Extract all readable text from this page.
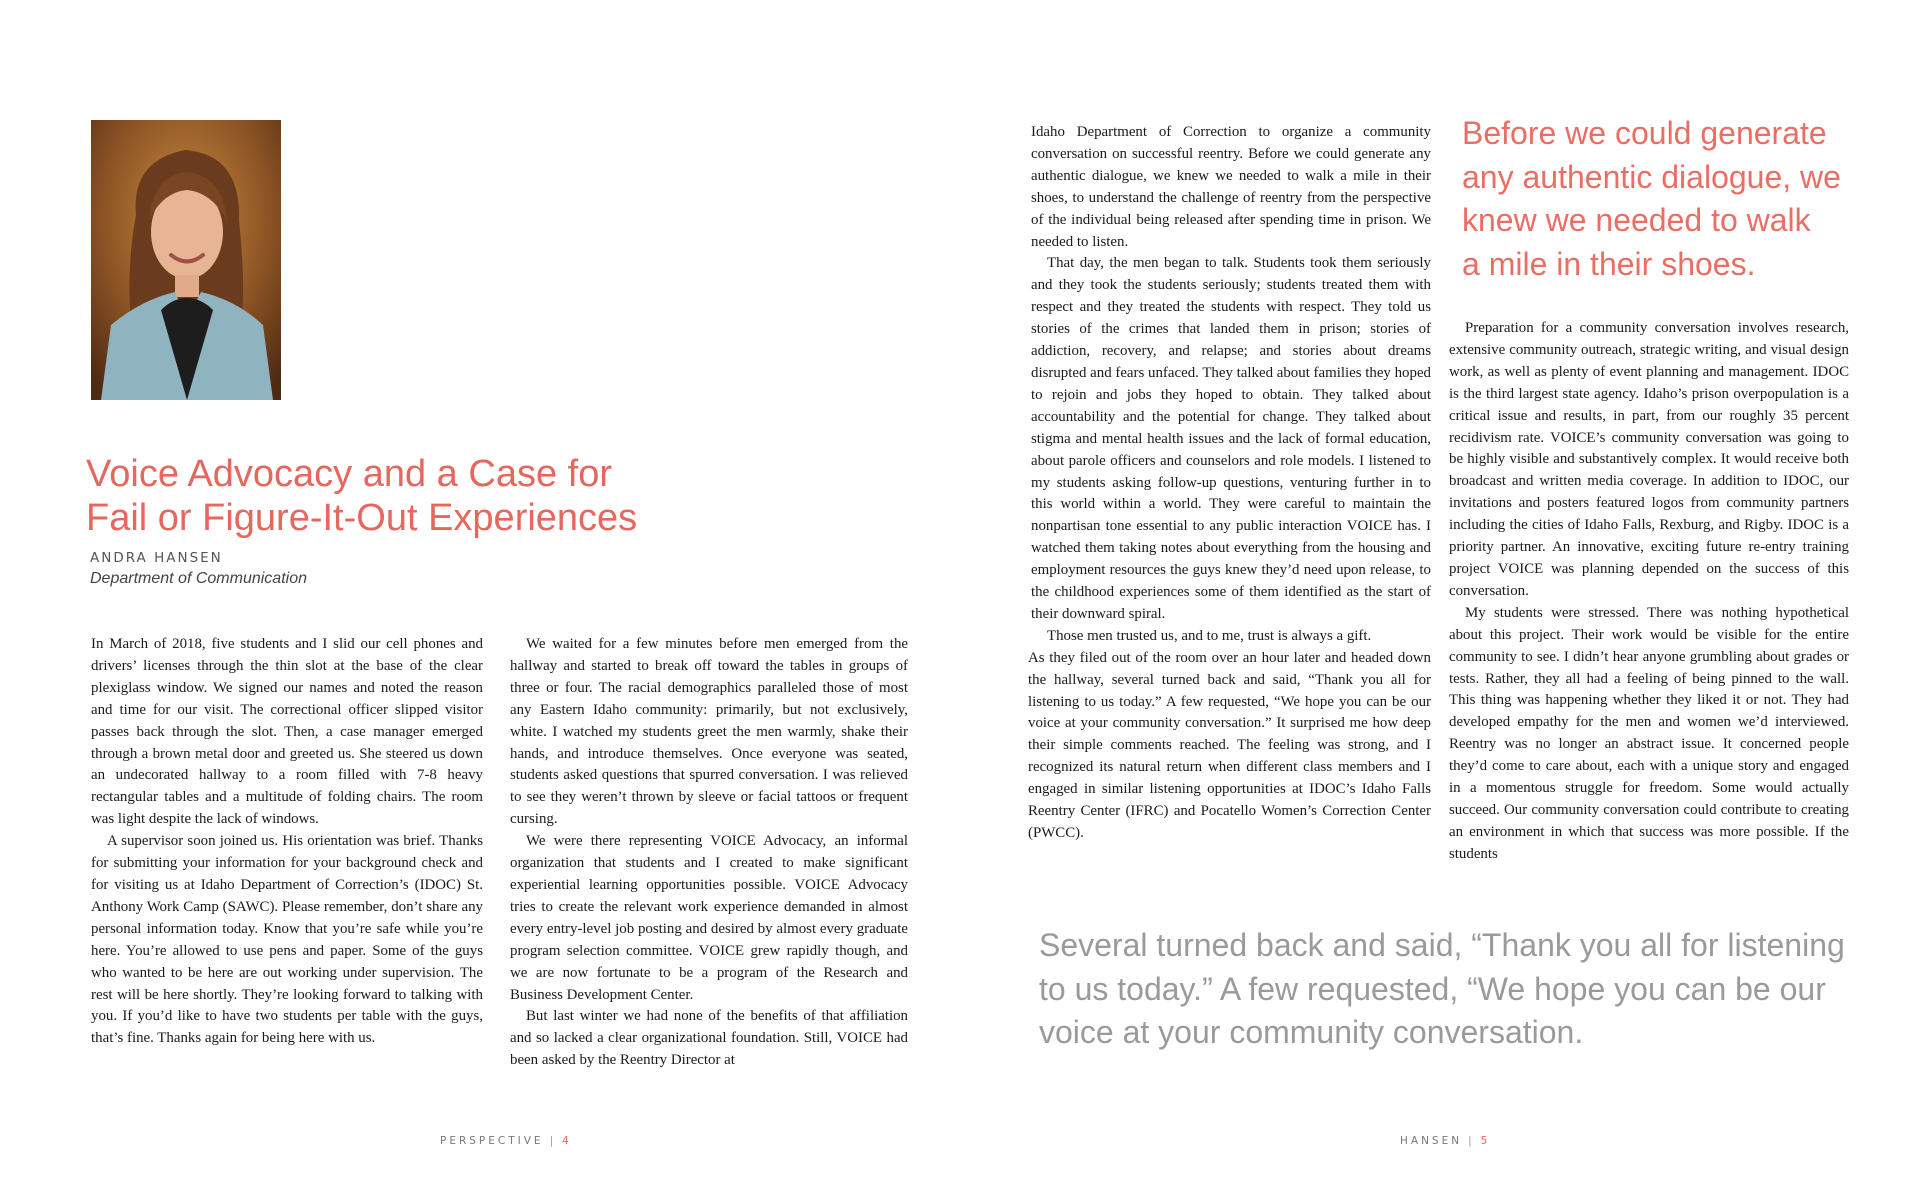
Voice Advocacy and a Case for
Fail or Figure-It-Out Experiences
ANDRA HANSEN
Department of Communication

In March of 2018, five students and I slid our cell phones and drivers’ licenses through the thin slot at the base of the clear plexiglass window. We signed our names and noted the reason and time for our visit. The correctional officer slipped visitor passes back through the slot. Then, a case manager emerged through a brown metal door and greeted us. She steered us down an undecorated hallway to a room filled with 7-8 heavy rectangular tables and a multitude of folding chairs. The room was light despite the lack of windows.

A supervisor soon joined us. His orientation was brief. Thanks for submitting your information for your background check and for visiting us at Idaho Department of Correction’s (IDOC) St. Anthony Work Camp (SAWC). Please remember, don’t share any personal information today. Know that you’re safe while you’re here. You’re allowed to use pens and paper. Some of the guys who wanted to be here are out working under supervision. The rest will be here shortly. They’re looking forward to talking with you. If you’d like to have two students per table with the guys, that’s fine. Thanks again for being here with us.

We waited for a few minutes before men emerged from the hallway and started to break off toward the tables in groups of three or four. The racial demographics paralleled those of most any Eastern Idaho community: primarily, but not exclusively, white. I watched my students greet the men warmly, shake their hands, and introduce themselves. Once everyone was seated, students asked questions that spurred conversation. I was relieved to see they weren’t thrown by sleeve or facial tattoos or frequent cursing.

We were there representing VOICE Advocacy, an informal organization that students and I created to make significant experiential learning opportunities possible. VOICE Advocacy tries to create the relevant work experience demanded in almost every entry-level job posting and desired by almost every graduate program selection committee. VOICE grew rapidly though, and we are now fortunate to be a program of the Research and Business Development Center.

But last winter we had none of the benefits of that affiliation and so lacked a clear organizational foundation. Still, VOICE had been asked by the Reentry Director at

PERSPECTIVE | 4

Idaho Department of Correction to organize a community conversation on successful reentry. Before we could generate any authentic dialogue, we knew we needed to walk a mile in their shoes, to understand the challenge of reentry from the perspective of the individual being released after spending time in prison. We needed to listen.

That day, the men began to talk. Students took them seriously and they took the students seriously; students treated them with respect and they treated the students with respect. They told us stories of the crimes that landed them in prison; stories of addiction, recovery, and relapse; and stories about dreams disrupted and fears unfaced. They talked about families they hoped to rejoin and jobs they hoped to obtain. They talked about accountability and the potential for change. They talked about stigma and mental health issues and the lack of formal education, about parole officers and counselors and role models. I listened to my students asking follow-up questions, venturing further in to this world within a world. They were careful to maintain the nonpartisan tone essential to any public interaction VOICE has. I watched them taking notes about everything from the housing and employment resources the guys knew they’d need upon release, to the childhood experiences some of them identified as the start of their downward spiral.

Those men trusted us, and to me, trust is always a gift.

As they filed out of the room over an hour later and headed down the hallway, several turned back and said, “Thank you all for listening to us today.” A few requested, “We hope you can be our voice at your community conversation.” It surprised me how deep their simple comments reached. The feeling was strong, and I recognized its natural return when different class members and I engaged in similar listening opportunities at IDOC’s Idaho Falls Reentry Center (IFRC) and Pocatello Women’s Correction Center (PWCC).

Before we could generate
any authentic dialogue, we
knew we needed to walk
a mile in their shoes.

Preparation for a community conversation involves research, extensive community outreach, strategic writing, and visual design work, as well as plenty of event planning and management. IDOC is the third largest state agency. Idaho’s prison overpopulation is a critical issue and results, in part, from our roughly 35 percent recidivism rate. VOICE’s community conversation was going to be highly visible and substantively complex. It would receive both broadcast and written media coverage. In addition to IDOC, our invitations and posters featured logos from community partners including the cities of Idaho Falls, Rexburg, and Rigby. IDOC is a priority partner. An innovative, exciting future re-entry training project VOICE was planning depended on the success of this conversation.

My students were stressed. There was nothing hypothetical about this project. Their work would be visible for the entire community to see. I didn’t hear anyone grumbling about grades or tests. Rather, they all had a feeling of being pinned to the wall. This thing was happening whether they liked it or not. They had developed empathy for the men and women we’d interviewed. Reentry was no longer an abstract issue. It concerned people they’d come to care about, each with a unique story and engaged in a momentous struggle for freedom. Some would actually succeed. Our community conversation could contribute to creating an environment in which that success was more possible. If the students

Several turned back and said, “Thank you all for listening
to us today.” A few requested, “We hope you can be our
voice at your community conversation.
HANSEN | 5
